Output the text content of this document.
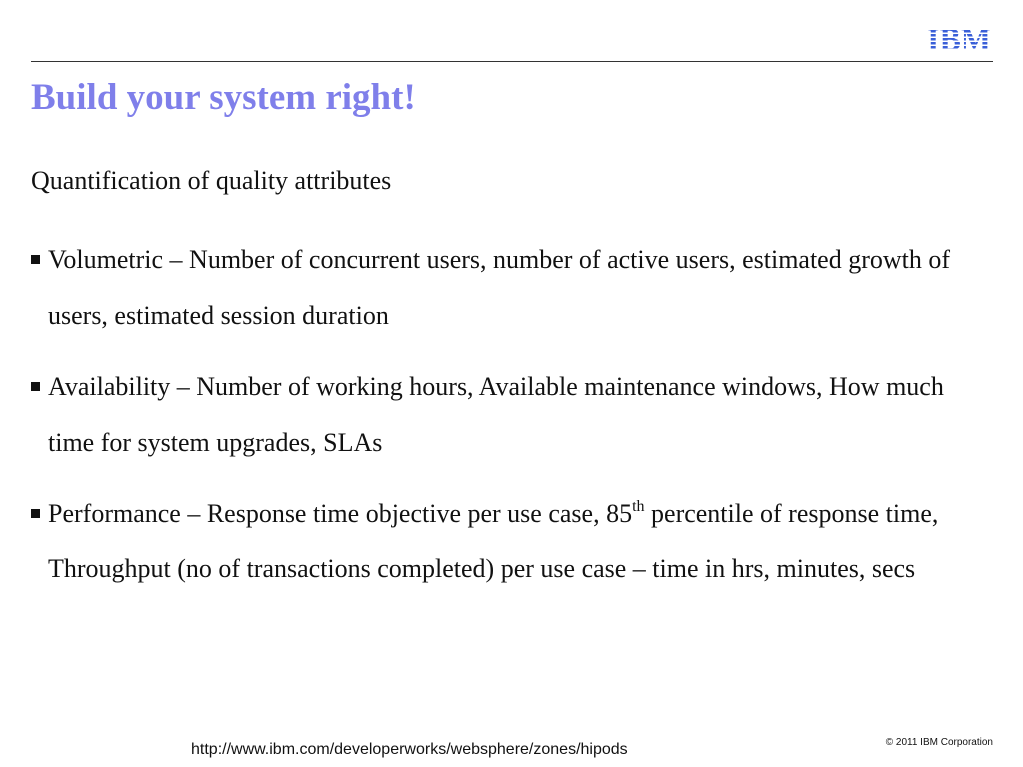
IBM
Build your system right!

Quantification of quality attributes

Volumetric – Number of concurrent users, number of active users, estimated growth of users, estimated session duration
Availability – Number of working hours, Available maintenance windows, How much time for system upgrades, SLAs
Performance – Response time objective per use case, 85th percentile of response time, Throughput (no of transactions completed) per use case – time in hrs, minutes, secs
http://www.ibm.com/developerworks/websphere/zones/hipods	© 2011 IBM Corporation
